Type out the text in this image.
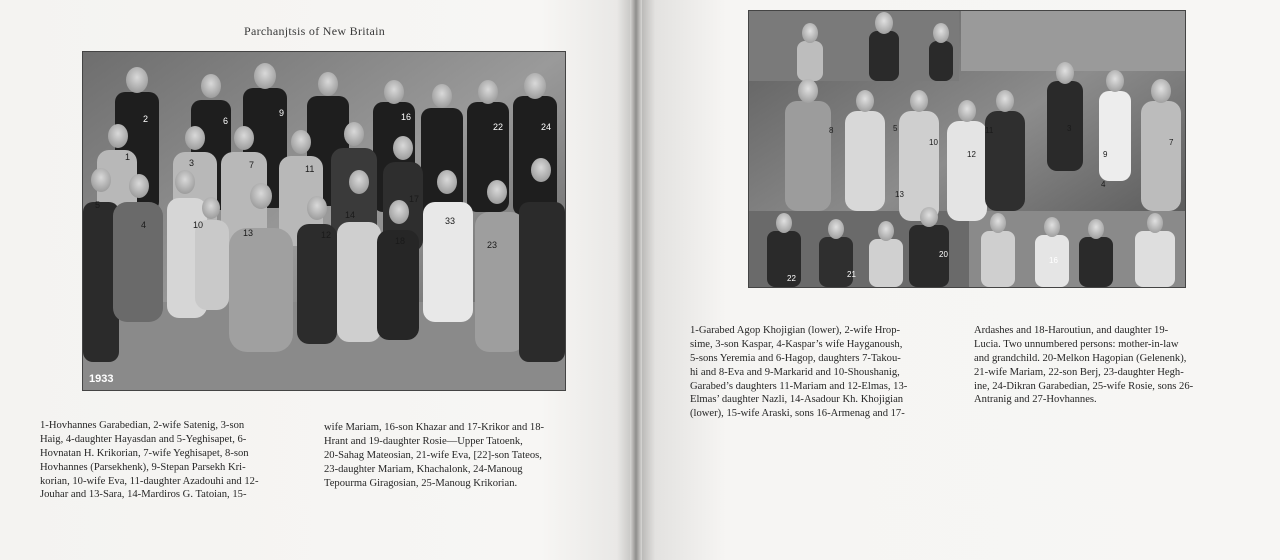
Parchanjtsis of New Britain
2	6
9	16
22	24
1
3	7	11
17
5
4	10
12
13
14
18	23
33
1933
8	5	3
11
7
10
13
12	9
4
22	21
20
16
1-Hovhannes Garabedian, 2-wife Satenig, 3-son
Haig, 4-daughter Hayasdan and 5-Yeghisapet, 6-
Hovnatan H. Krikorian, 7-wife Yeghisapet, 8-son
Hovhannes (Parsekhenk), 9-Stepan Parsekh Kri-
korian, 10-wife Eva, 11-daughter Azadouhi and 12-
Jouhar and 13-Sara, 14-Mardiros G. Tatoian, 15-
wife Mariam, 16-son Khazar and 17-Krikor and 18-
Hrant and 19-daughter Rosie—Upper Tatoenk,
20-Sahag Mateosian, 21-wife Eva, [22]-son Tateos,
23-daughter Mariam, Khachalonk, 24-Manoug
Tepourma Giragosian, 25-Manoug Krikorian.
1-Garabed Agop Khojigian (lower), 2-wife Hrop-
sime, 3-son Kaspar, 4-Kaspar’s wife Hayganoush,
5-sons Yeremia and 6-Hagop, daughters 7-Takou-
hi and 8-Eva and 9-Markarid and 10-Shoushanig,
Garabed’s daughters 11-Mariam and 12-Elmas, 13-
Elmas’ daughter Nazli, 14-Asadour Kh. Khojigian
(lower), 15-wife Araski, sons 16-Armenag and 17-
Ardashes and 18-Haroutiun, and daughter 19-
Lucia. Two unnumbered persons: mother-in-law
and grandchild. 20-Melkon Hagopian (Gelenenk),
21-wife Mariam, 22-son Berj, 23-daughter Hegh-
ine, 24-Dikran Garabedian, 25-wife Rosie, sons 26-
Antranig and 27-Hovhannes.
